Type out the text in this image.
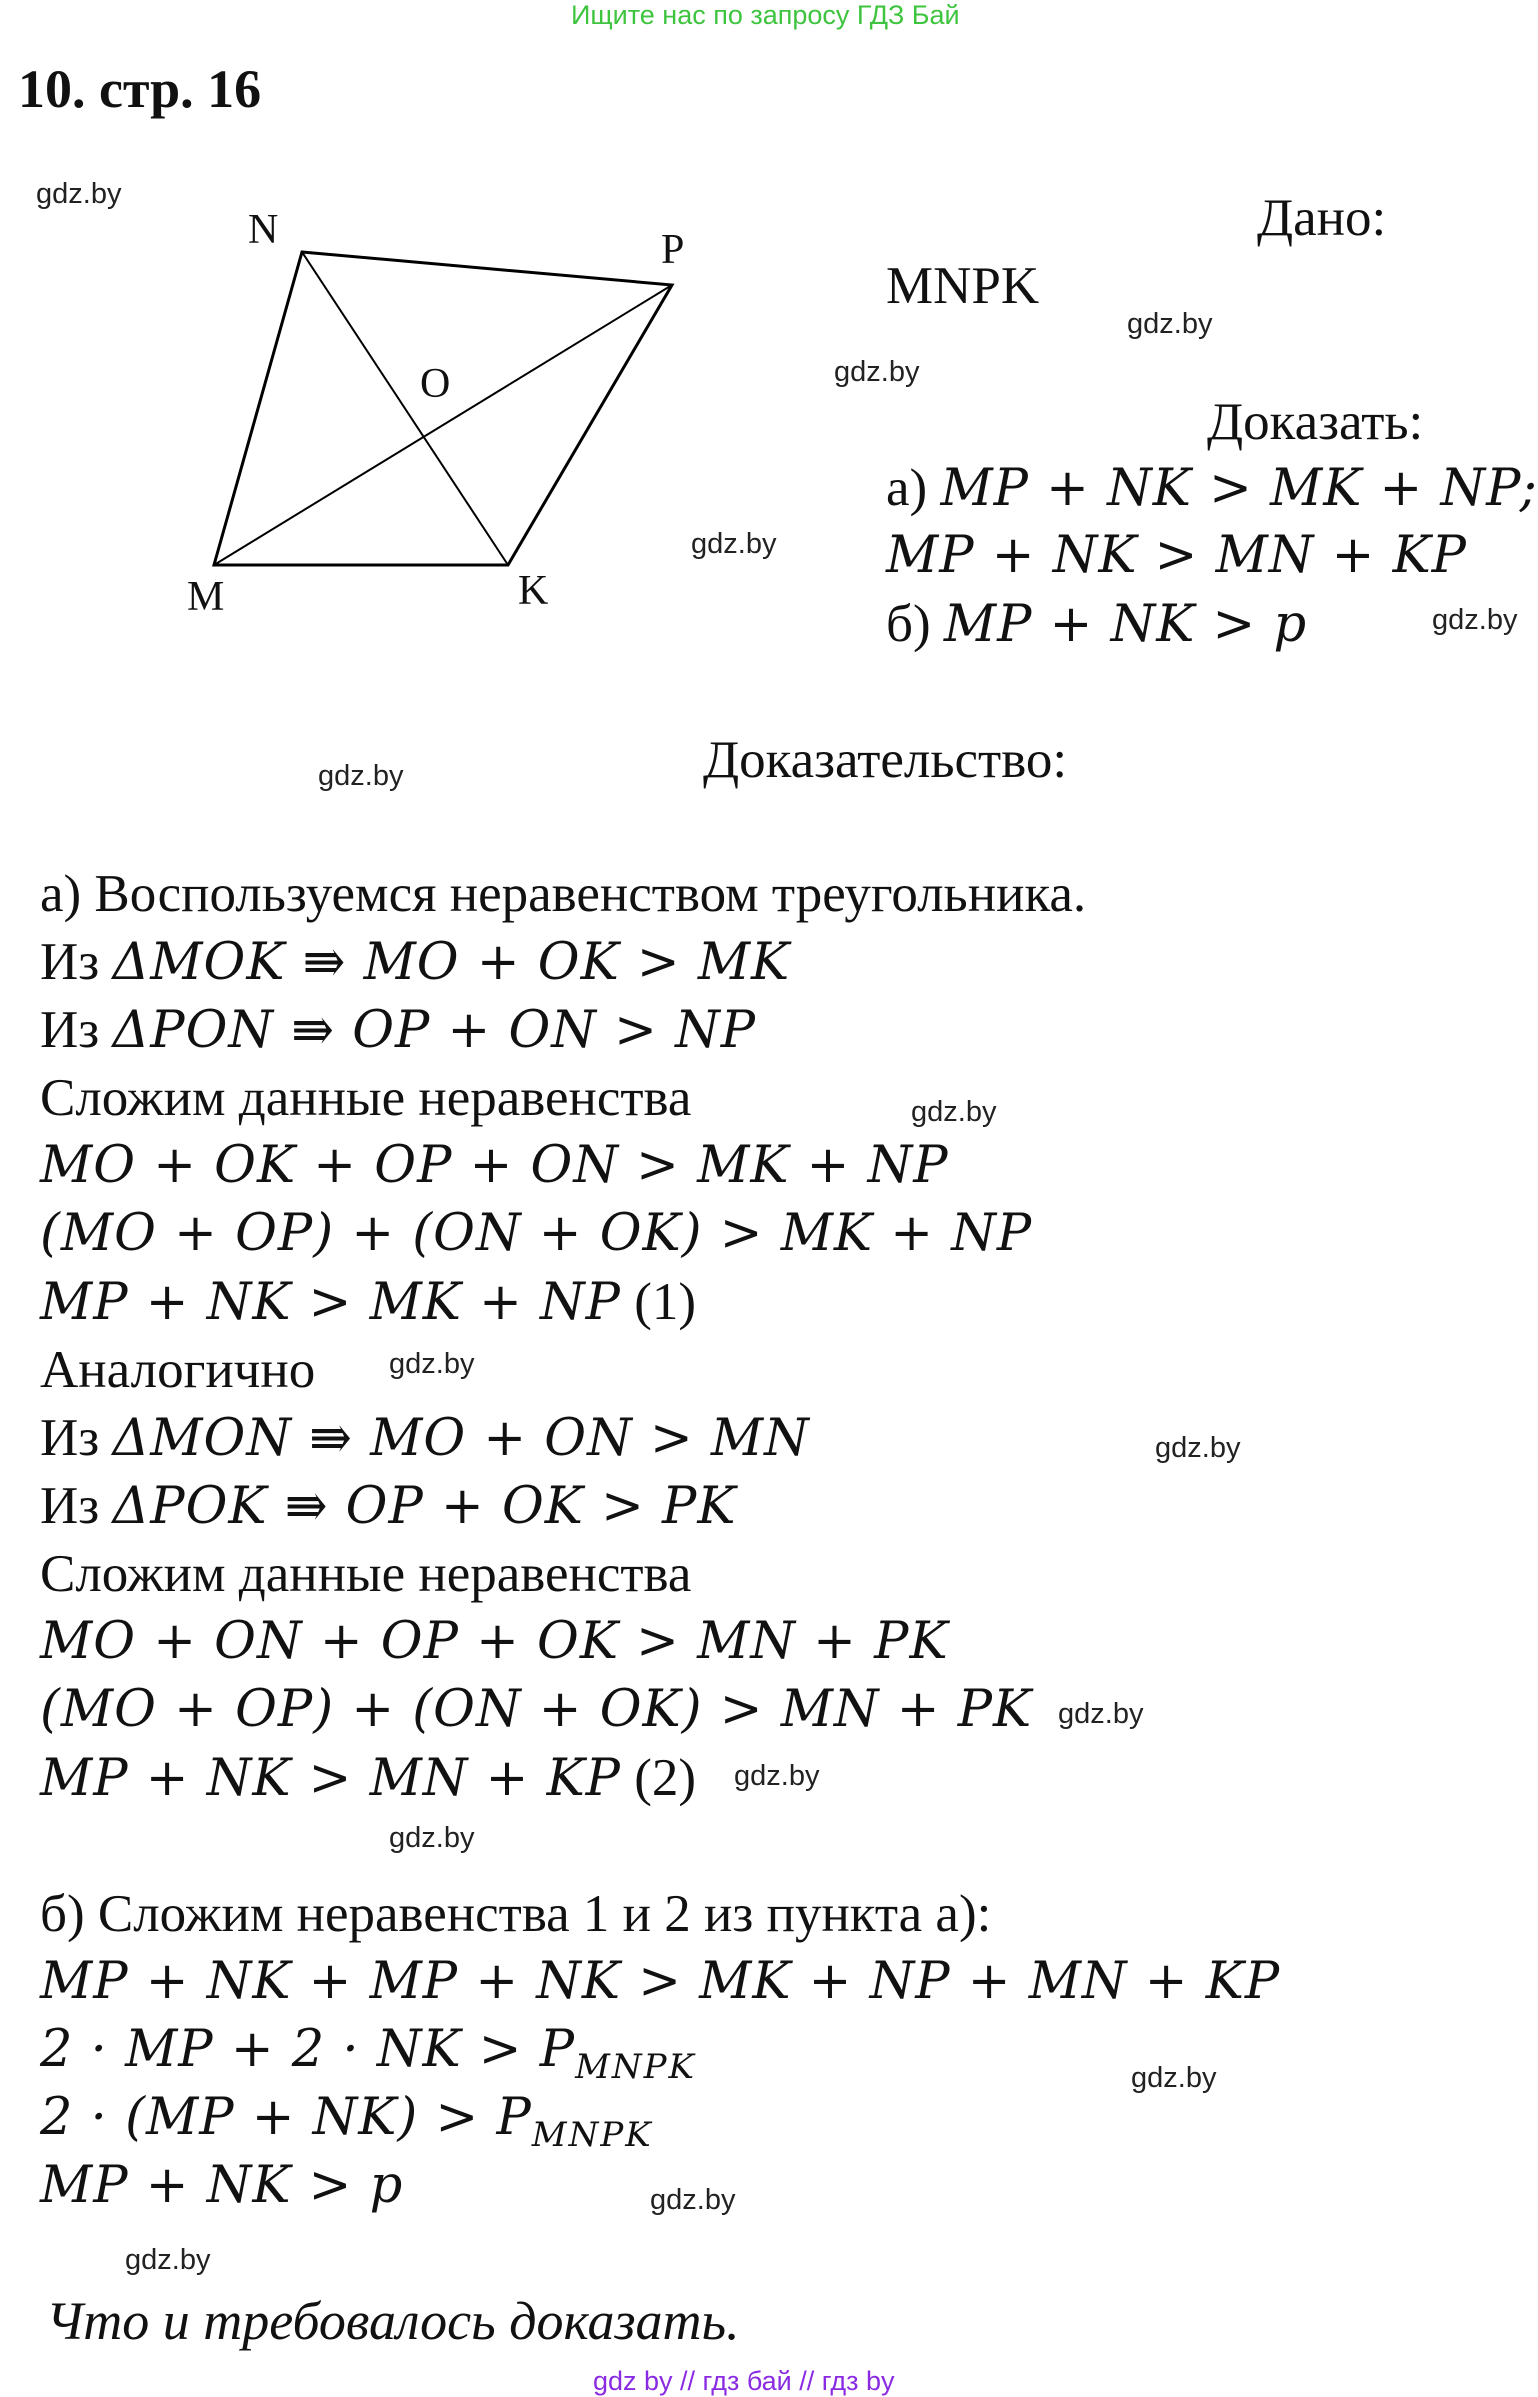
Ищите нас по запросу ГДЗ Бай
10. стр. 16
N	P
O
M	K
Дано:
MNPK
Доказать:
а) MP + NK > MK + NP;
MP + NK > MN + KP
б) MP + NK > p
Доказательство:
а) Воспользуемся неравенством треугольника.
Из ΔMOK ⇛ MO + OK > MK
Из ΔPON ⇛ OP + ON > NP
Сложим данные неравенства
MO + OK + OP + ON > MK + NP
(MO + OP) + (ON + OK) > MK + NP
MP + NK > MK + NP (1)
Аналогично
Из ΔMON ⇛ MO + ON > MN
Из ΔPOK ⇛ OP + OK > PK
Сложим данные неравенства
MO + ON + OP + OK > MN + PK
(MO + OP) + (ON + OK) > MN + PK
MP + NK > MN + KP (2)
б) Сложим неравенства 1 и 2 из пункта а):
MP + NK + MP + NK > MK + NP + MN + KP
2 · MP + 2 · NK > $P_{MNPK}$
$2 \cdot (MP + NK) > P_{MNPK}$
MP + NK > p
Что и требовалось доказать.
gdz.by
gdz.by
gdz.by
gdz.by
gdz.by
gdz.by
gdz.by
gdz.by
gdz.by
gdz.by
gdz.by
gdz.by
gdz.by
gdz.by
gdz.by
gdz by // гдз бай // гдз by
